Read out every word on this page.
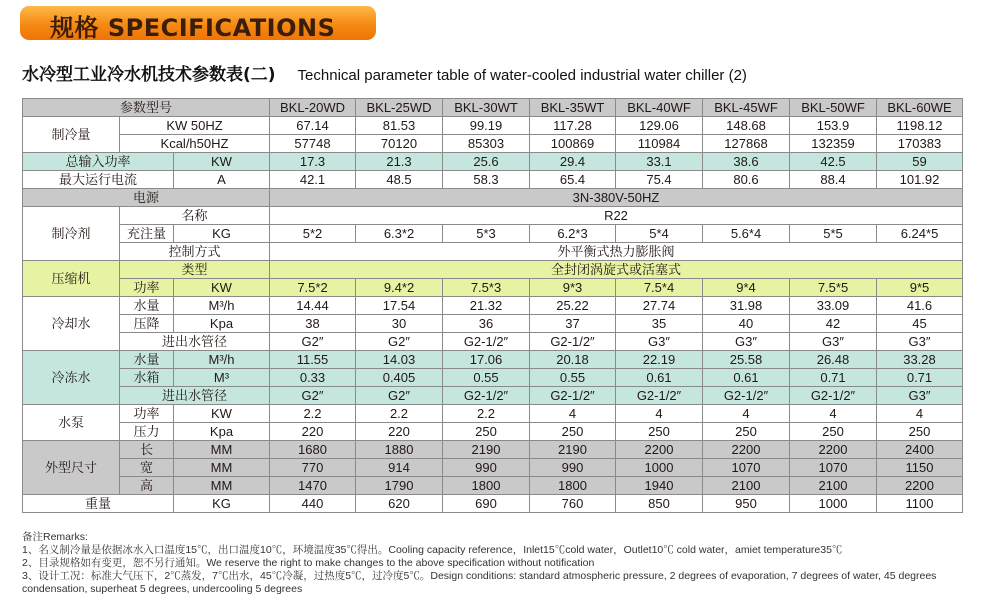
规格 SPECIFICATIONS
水冷型工业冷水机技术参数表(二) Technical parameter table of water-cooled industrial water chiller (2)
参数型号			BKL-20WD	BKL-25WD	BKL-30WT	BKL-35WT	BKL-40WF	BKL-45WF	BKL-50WF	BKL-60WE
制冷量	KW 50HZ		67.14	81.53	99.19	117.28	129.06	148.68	153.9	1198.12
	Kcal/h50HZ		57748	70120	85303	100869	110984	127868	132359	170383
总输入功率		KW	17.3	21.3	25.6	29.4	33.1	38.6	42.5	59
最大运行电流		A	42.1	48.5	58.3	65.4	75.4	80.6	88.4	101.92
电源			3N-380V-50HZ							
制冷剂	名称		R22							
	充注量	KG	5*2	6.3*2	5*3	6.2*3	5*4	5.6*4	5*5	6.24*5
	控制方式		外平衡式热力膨胀阀							
压缩机	类型		全封闭涡旋式或活塞式							
	功率	KW	7.5*2	9.4*2	7.5*3	9*3	7.5*4	9*4	7.5*5	9*5
冷却水	水量	M³/h	14.44	17.54	21.32	25.22	27.74	31.98	33.09	41.6
	压降	Kpa	38	30	36	37	35	40	42	45
	进出水管径		G2″	G2″	G2-1/2″	G2-1/2″	G3″	G3″	G3″	G3″
冷冻水	水量	M³/h	11.55	14.03	17.06	20.18	22.19	25.58	26.48	33.28
	水箱	M³	0.33	0.405	0.55	0.55	0.61	0.61	0.71	0.71
	进出水管径		G2″	G2″	G2-1/2″	G2-1/2″	G2-1/2″	G2-1/2″	G2-1/2″	G3″
水泵	功率	KW	2.2	2.2	2.2	4	4	4	4	4
	压力	Kpa	220	220	250	250	250	250	250	250
外型尺寸	长	MM	1680	1880	2190	2190	2200	2200	2200	2400
	宽	MM	770	914	990	990	1000	1070	1070	1150
	高	MM	1470	1790	1800	1800	1940	2100	2100	2200
重量		KG	440	620	690	760	850	950	1000	1100
备注Remarks:
1、名义制冷量是依据冰水入口温度15℃，出口温度10℃，环境温度35℃得出。Cooling capacity reference，Inlet15℃cold water，Outlet10℃ cold water，amiet temperature35℃
2、目录规格如有变更，恕不另行通知。We reserve the right to make changes to the above specification without notification
3、设计工况：标准大气压下，2℃蒸发，7℃出水，45℃冷凝，过热度5℃，过冷度5℃。Design conditions: standard atmospheric pressure, 2 degrees of evaporation, 7 degrees of water, 45 degrees condensation, superheat 5 degrees, undercooling 5 degrees
